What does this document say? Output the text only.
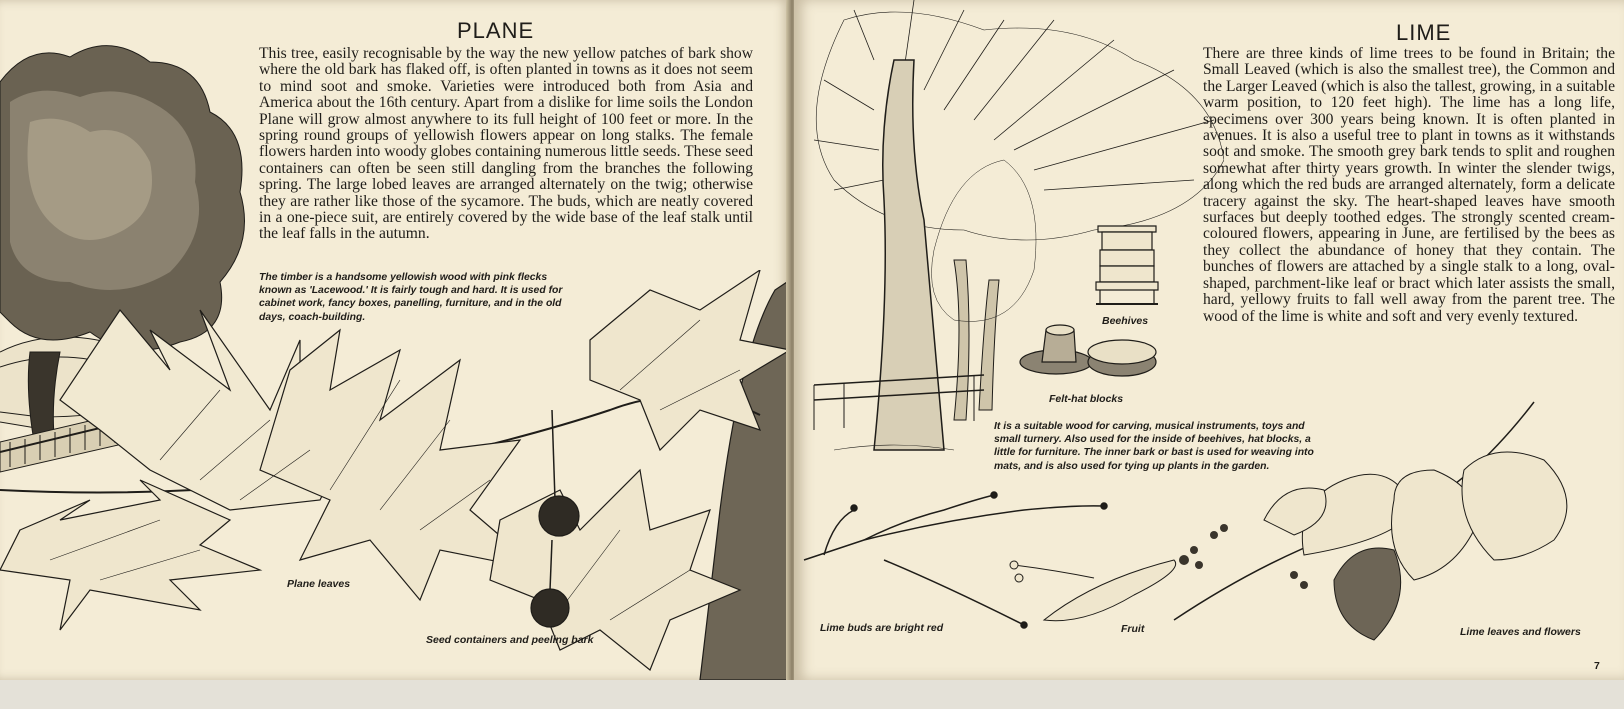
PLANE

This tree, easily recognisable by the way the new yellow patches of bark show where the old bark has flaked off, is often planted in towns as it does not seem to mind soot and smoke. Varieties were introduced both from Asia and America about the 16th century. Apart from a dislike for lime soils the London Plane will grow almost anywhere to its full height of 100 feet or more. In the spring round groups of yellowish flowers appear on long stalks. The female flowers harden into woody globes containing numerous little seeds. These seed containers can often be seen still dangling from the branches the following spring. The large lobed leaves are arranged alternately on the twig; otherwise they are rather like those of the sycamore. The buds, which are neatly covered in a one-piece suit, are entirely covered by the wide base of the leaf stalk until the leaf falls in the autumn.

The timber is a handsome yellowish wood with pink flecks known as 'Lacewood.' It is fairly tough and hard. It is used for cabinet work, fancy boxes, panelling, furniture, and in the old days, coach-building.

Plane leaves
Seed containers and peeling bark
LIME

There are three kinds of lime trees to be found in Britain; the Small Leaved (which is also the smallest tree), the Common and the Larger Leaved (which is also the tallest, growing, in a suitable warm position, to 120 feet high). The lime has a long life, specimens over 300 years being known. It is often planted in avenues. It is also a useful tree to plant in towns as it withstands soot and smoke. The smooth grey bark tends to split and roughen somewhat after thirty years growth. In winter the slender twigs, along which the red buds are arranged alternately, form a delicate tracery against the sky. The heart-shaped leaves have smooth surfaces but deeply toothed edges. The strongly scented cream-coloured flowers, appearing in June, are fertilised by the bees as they collect the abundance of honey that they contain. The bunches of flowers are attached by a single stalk to a long, oval-shaped, parchment-like leaf or bract which later assists the small, hard, yellowy fruits to fall well away from the parent tree. The wood of the lime is white and soft and very evenly textured.

Beehives
Felt-hat blocks

It is a suitable wood for carving, musical instruments, toys and small turnery. Also used for the inside of beehives, hat blocks, a little for furniture. The inner bark or bast is used for weaving into mats, and is also used for tying up plants in the garden.

Lime buds are bright red	Fruit	Lime leaves and flowers
7
